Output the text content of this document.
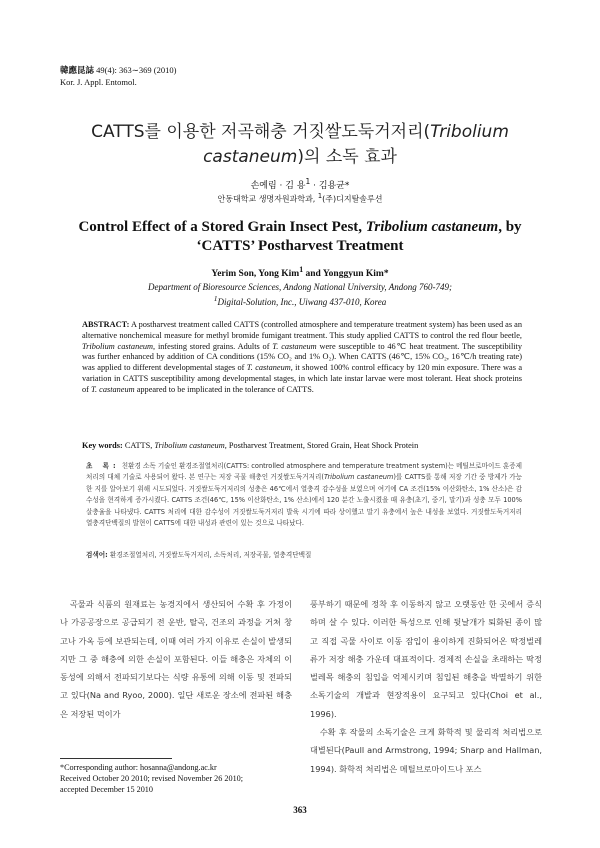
韓應昆誌 49(4): 363∼369 (2010)
Kor. J. Appl. Entomol.
CATTS를 이용한 저곡해충 거짓쌀도둑거저리(Tribolium
castaneum)의 소독 효과
손예림 · 김 용$^1$ · 김용균*
안동대학교 생명자원과학과, $^1$(주)디지탈솔루션
Control Effect of a Stored Grain Insect Pest, Tribolium castaneum, by
‘CATTS’ Postharvest Treatment
Yerim Son, Yong Kim$^1$ and Yonggyun Kim*
Department of Bioresource Sciences, Andong National University, Andong 760-749;
$^1$Digital-Solution, Inc., Uiwang 437-010, Korea
ABSTRACT: A postharvest treatment called CATTS (controlled atmosphere and temperature treatment system) has been used as an alternative nonchemical measure for methyl bromide fumigant treatment. This study applied CATTS to control the red flour beetle, Tribolium castaneum, infesting stored grains. Adults of T. castaneum were susceptible to 46℃ heat treatment. The susceptibility was further enhanced by addition of CA conditions (15% CO₂ and 1% O₂). When CATTS (46℃, 15% CO₂, 16℃/h treating rate) was applied to different developmental stages of T. castaneum, it showed 100% control efficacy by 120 min exposure. There was a variation in CATTS susceptibility among developmental stages, in which late instar larvae were most tolerant. Heat shock proteins of T. castaneum appeared to be implicated in the tolerance of CATTS.
Key words: CATTS, Tribolium castaneum, Postharvest Treatment, Stored Grain, Heat Shock Protein
초 록: 친환경 소독 기술인 환경조절열처리(CATTS: controlled atmosphere and temperature treatment system)는 메틸브로마이드 훈증제 처리의 대체 기술로 사용되어 왔다. 본 연구는 저장 곡물 해충인 거짓쌀도둑거저리(Tribolium castaneum)를 CATTS를 통해 저장 기간 중 방제가 가능한 지를 알아보기 위해 시도되었다. 거짓쌀도둑거저리의 성충은 46℃에서 열충격 감수성을 보였으며 여기에 CA 조건(15% 이산화탄소, 1% 산소)은 감수성을 현격하게 증가시켰다. CATTS 조건(46℃, 15% 이산화탄소, 1% 산소)에서 120 분간 노출시켰을 때 유충(초기, 중기, 말기)과 성충 모두 100% 살충율을 나타냈다. CATTS 처리에 대한 감수성이 거짓쌀도둑거저리 발육 시기에 따라 상이했고 말기 유충에서 높은 내성을 보였다. 거짓쌀도둑거저리 열충격단백질의 발현이 CATTS에 대한 내성과 관련이 있는 것으로 나타났다.
검색어: 환경조절열처리, 거짓쌀도둑거저리, 소독처리, 저장곡물, 열충격단백질
곡물과 식품의 원재료는 농경지에서 생산되어 수확 후 가정이나 가공공장으로 공급되기 전 운반, 탈곡, 건조의 과정을 거쳐 창고나 가옥 등에 보관되는데, 이때 여러 가지 이유로 손실이 발생되지만 그 중 해충에 의한 손실이 포함된다. 이들 해충은 자체의 이동성에 의해서 전파되기보다는 식량 유통에 의해 이동 및 전파되고 있다(Na and Ryoo, 2000). 일단 새로운 장소에 전파된 해충은 저장된 먹이가

풍부하기 때문에 정착 후 이동하지 않고 오랫동안 한 곳에서 증식하며 살 수 있다. 이러한 특성으로 인해 뒷날개가 퇴화된 종이 많고 직접 곡물 사이로 이동 잠입이 용이하게 진화되어온 딱정벌레류가 저장 해충 가운데 대표적이다. 경제적 손실을 초래하는 딱정벌레목 해충의 침입을 억제시키며 침입된 해충을 박멸하기 위한 소독기술의 개발과 현장적용이 요구되고 있다(Choi et al., 1996).

수확 후 작물의 소독기술은 크게 화학적 및 물리적 처리법으로 대별된다(Paull and Armstrong, 1994; Sharp and Hallman, 1994). 화학적 처리법은 메틸브로마이드나 포스

*Corresponding author: hosanna@andong.ac.kr
Received October 20 2010; revised November 26 2010;
accepted December 15 2010
363
